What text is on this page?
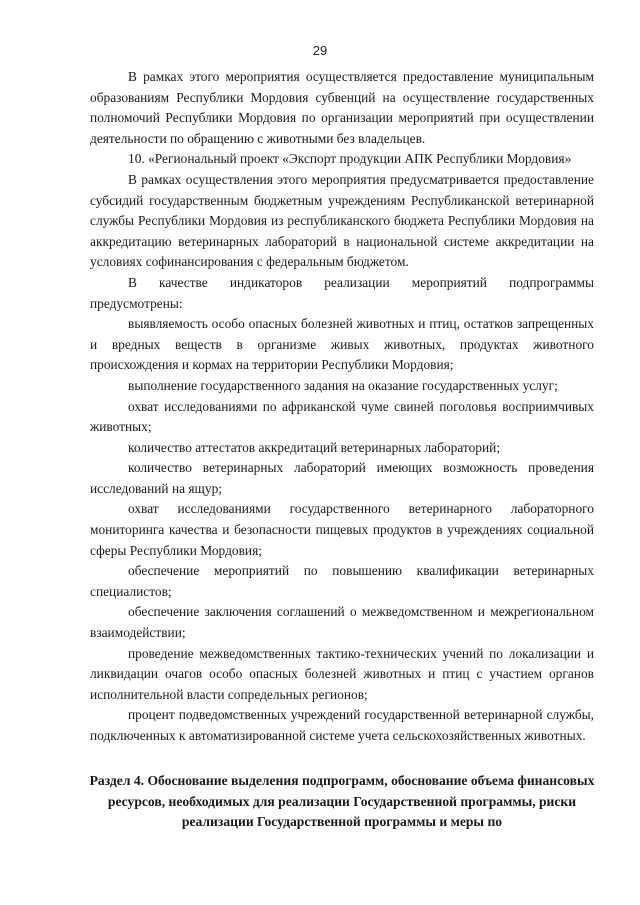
29

В рамках этого мероприятия осуществляется предоставление муниципальным образованиям Республики Мордовия субвенций на осуществление государственных полномочий Республики Мордовия по организации мероприятий при осуществлении деятельности по обращению с животными без владельцев.

10. «Региональный проект «Экспорт продукции АПК Республики Мордовия»

В рамках осуществления этого мероприятия предусматривается предоставление субсидий государственным бюджетным учреждениям Республиканской ветеринарной службы Республики Мордовия из республиканского бюджета Республики Мордовия на аккредитацию ветеринарных лабораторий в национальной системе аккредитации на условиях софинансирования с федеральным бюджетом.

В качестве индикаторов реализации мероприятий подпрограммы предусмотрены:

выявляемость особо опасных болезней животных и птиц, остатков запрещенных и вредных веществ в организме живых животных, продуктах животного происхождения и кормах на территории Республики Мордовия;

выполнение государственного задания на оказание государственных услуг;

охват исследованиями по африканской чуме свиней поголовья восприимчивых животных;

количество аттестатов аккредитаций ветеринарных лабораторий;

количество ветеринарных лабораторий имеющих возможность проведения исследований на ящур;

охват исследованиями государственного ветеринарного лабораторного мониторинга качества и безопасности пищевых продуктов в учреждениях социальной сферы Республики Мордовия;

обеспечение мероприятий по повышению квалификации ветеринарных специалистов;

обеспечение заключения соглашений о межведомственном и межрегиональном взаимодействии;

проведение межведомственных тактико-технических учений по локализации и ликвидации очагов особо опасных болезней животных и птиц с участием органов исполнительной власти сопредельных регионов;

процент подведомственных учреждений государственной ветеринарной службы, подключенных к автоматизированной системе учета сельскохозяйственных животных.

Раздел 4. Обоснование выделения подпрограмм, обоснование объема финансовых ресурсов, необходимых для реализации Государственной программы, риски реализации Государственной программы и меры по
